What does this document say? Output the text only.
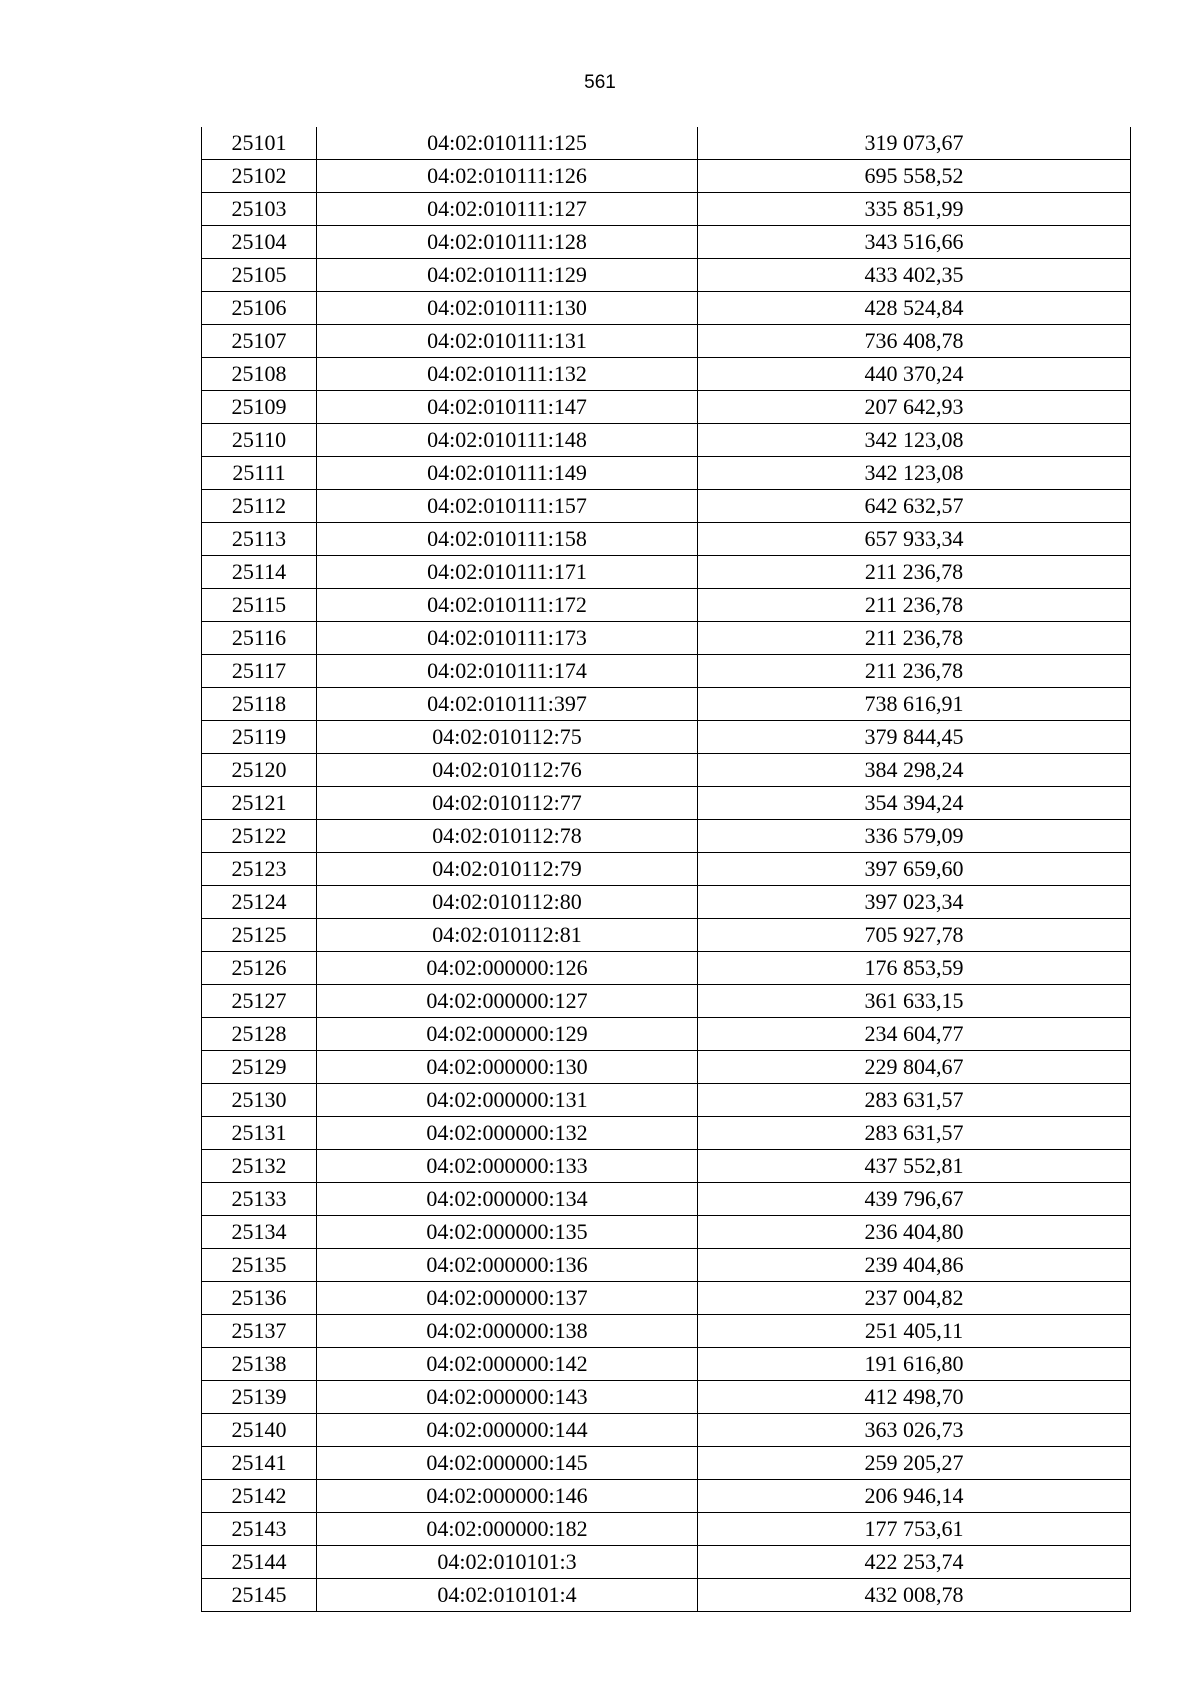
561
25101	04:02:010111:125	319 073,67
25102	04:02:010111:126	695 558,52
25103	04:02:010111:127	335 851,99
25104	04:02:010111:128	343 516,66
25105	04:02:010111:129	433 402,35
25106	04:02:010111:130	428 524,84
25107	04:02:010111:131	736 408,78
25108	04:02:010111:132	440 370,24
25109	04:02:010111:147	207 642,93
25110	04:02:010111:148	342 123,08
25111	04:02:010111:149	342 123,08
25112	04:02:010111:157	642 632,57
25113	04:02:010111:158	657 933,34
25114	04:02:010111:171	211 236,78
25115	04:02:010111:172	211 236,78
25116	04:02:010111:173	211 236,78
25117	04:02:010111:174	211 236,78
25118	04:02:010111:397	738 616,91
25119	04:02:010112:75	379 844,45
25120	04:02:010112:76	384 298,24
25121	04:02:010112:77	354 394,24
25122	04:02:010112:78	336 579,09
25123	04:02:010112:79	397 659,60
25124	04:02:010112:80	397 023,34
25125	04:02:010112:81	705 927,78
25126	04:02:000000:126	176 853,59
25127	04:02:000000:127	361 633,15
25128	04:02:000000:129	234 604,77
25129	04:02:000000:130	229 804,67
25130	04:02:000000:131	283 631,57
25131	04:02:000000:132	283 631,57
25132	04:02:000000:133	437 552,81
25133	04:02:000000:134	439 796,67
25134	04:02:000000:135	236 404,80
25135	04:02:000000:136	239 404,86
25136	04:02:000000:137	237 004,82
25137	04:02:000000:138	251 405,11
25138	04:02:000000:142	191 616,80
25139	04:02:000000:143	412 498,70
25140	04:02:000000:144	363 026,73
25141	04:02:000000:145	259 205,27
25142	04:02:000000:146	206 946,14
25143	04:02:000000:182	177 753,61
25144	04:02:010101:3	422 253,74
25145	04:02:010101:4	432 008,78
